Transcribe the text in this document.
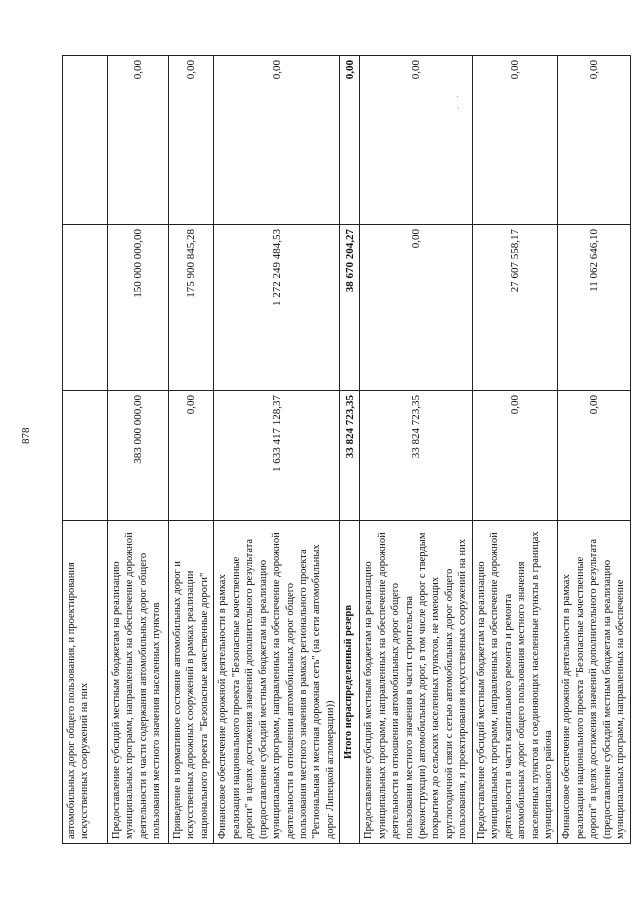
878
автомобильных дорог общего пользования, и проектирования искусственных сооружений на них			
Предоставление субсидий местным бюджетам на реализацию муниципальных программ, направленных на обеспечение дорожной деятельности в части содержания автомобильных дорог общего пользования местного значения населенных пунктов	383 000 000,00	150 000 000,00	0,00
Приведение в нормативное состояние автомобильных дорог и искусственных дорожных сооружений в рамках реализации национального проекта "Безопасные качественные дороги"	0,00	175 900 845,28	0,00
Финансовое обеспечение дорожной деятельности в рамках реализации национального проекта "Безопасные качественные дороги" в целях достижения значений дополнительного результата (предоставление субсидий местным бюджетам на реализацию муниципальных программ, направленных на обеспечение дорожной деятельности в отношении автомобильных дорог общего пользования местного значения в рамках регионального проекта "Региональная и местная дорожная сеть" (на сети автомобильных дорог Липецкой агломерации))	1 633 417 128,37	1 272 249 484,53	0,00
Итого нераспределенный резерв	33 824 723,35	38 670 204,27	0,00
Предоставление субсидий местным бюджетам на реализацию муниципальных программ, направленных на обеспечение дорожной деятельности в отношении автомобильных дорог общего пользования местного значения в части строительства (реконструкции) автомобильных дорог, в том числе дорог с твердым покрытием до сельских населенных пунктов, не имеющих круглогодичной связи с сетью автомобильных дорог общего пользования, и проектирования искусственных сооружений на них	33 824 723,35	0,00	0,00
Предоставление субсидий местным бюджетам на реализацию муниципальных программ, направленных на обеспечение дорожной деятельности в части капитального ремонта и ремонта автомобильных дорог общего пользования местного значения населенных пунктов и соединяющих населенные пункты в границах муниципального района	0,00	27 607 558,17	0,00
Финансовое обеспечение дорожной деятельности в рамках реализации национального проекта "Безопасные качественные дороги" в целях достижения значений дополнительного результата (предоставление субсидий местным бюджетам на реализацию муниципальных программ, направленных на обеспечение	0,00	11 062 646,10	0,00
